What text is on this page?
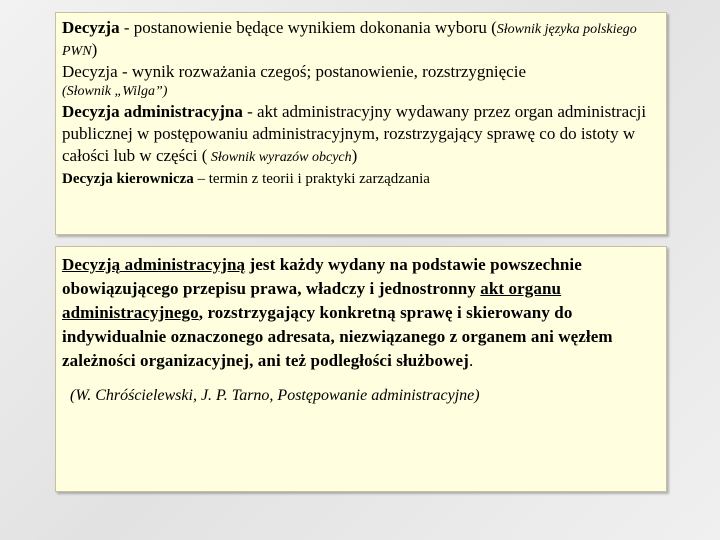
Decyzja - postanowienie będące wynikiem dokonania wyboru (Słownik języka polskiego PWN)

Decyzja - wynik rozważania czegoś; postanowienie, rozstrzygnięcie

(Słownik „Wilga”)

Decyzja administracyjna - akt administracyjny wydawany przez organ administracji publicznej w postępowaniu administracyjnym, rozstrzygający sprawę co do istoty w całości lub w części ( Słownik wyrazów obcych)

Decyzja kierownicza – termin z teorii i praktyki zarządzania

Decyzją administracyjną jest każdy wydany na podstawie powszechnie obowiązującego przepisu prawa, władczy i jednostronny akt organu administracyjnego, rozstrzygający konkretną sprawę i skierowany do indywidualnie oznaczonego adresata, niezwiązanego z organem ani węzłem zależności organizacyjnej, ani też podległości służbowej.

(W. Chróścielewski, J. P. Tarno, Postępowanie administracyjne)
